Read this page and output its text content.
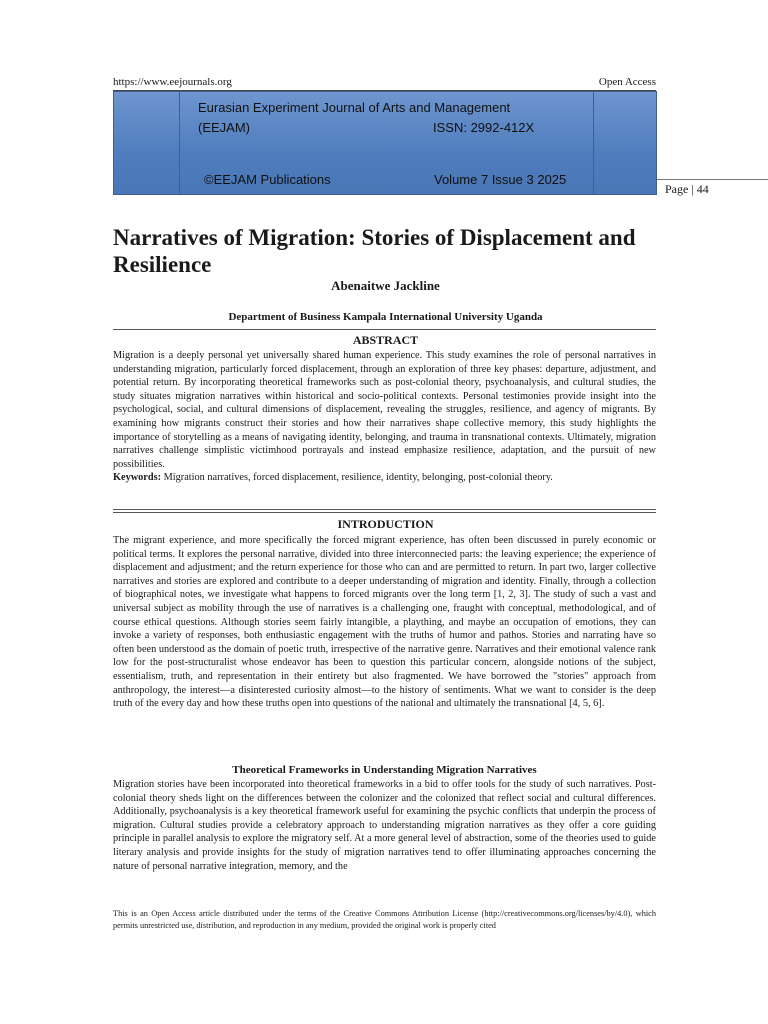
https://www.eejournals.org	Open Access
Eurasian Experiment Journal of Arts and Management
(EEJAM)	ISSN: 2992-412X
©EEJAM Publications	Volume 7 Issue 3 2025
Page | 44
Narratives of Migration: Stories of Displacement and Resilience
Abenaitwe Jackline
Department of Business Kampala International University Uganda
ABSTRACT
Migration is a deeply personal yet universally shared human experience. This study examines the role of personal narratives in understanding migration, particularly forced displacement, through an exploration of three key phases: departure, adjustment, and potential return. By incorporating theoretical frameworks such as post-colonial theory, psychoanalysis, and cultural studies, the study situates migration narratives within historical and socio-political contexts. Personal testimonies provide insight into the psychological, social, and cultural dimensions of displacement, revealing the struggles, resilience, and agency of migrants. By examining how migrants construct their stories and how their narratives shape collective memory, this study highlights the importance of storytelling as a means of navigating identity, belonging, and trauma in transnational contexts. Ultimately, migration narratives challenge simplistic victimhood portrayals and instead emphasize resilience, adaptation, and the pursuit of new possibilities.
Keywords: Migration narratives, forced displacement, resilience, identity, belonging, post-colonial theory.
INTRODUCTION
The migrant experience, and more specifically the forced migrant experience, has often been discussed in purely economic or political terms. It explores the personal narrative, divided into three interconnected parts: the leaving experience; the experience of displacement and adjustment; and the return experience for those who can and are permitted to return. In part two, larger collective narratives and stories are explored and contribute to a deeper understanding of migration and identity. Finally, through a collection of biographical notes, we investigate what happens to forced migrants over the long term [1, 2, 3]. The study of such a vast and universal subject as mobility through the use of narratives is a challenging one, fraught with conceptual, methodological, and of course ethical questions. Although stories seem fairly intangible, a plaything, and maybe an occupation of emotions, they can invoke a variety of responses, both enthusiastic engagement with the truths of humor and pathos. Stories and narrating have so often been understood as the domain of poetic truth, irrespective of the narrative genre. Narratives and their emotional valence rank low for the post-structuralist whose endeavor has been to question this particular concern, alongside notions of the subject, essentialism, truth, and representation in their entirety but also fragmented. We have borrowed the "stories" approach from anthropology, the interest—a disinterested curiosity almost—to the history of sentiments. What we want to consider is the deep truth of the every day and how these truths open into questions of the national and ultimately the transnational [4, 5, 6].
Theoretical Frameworks in Understanding Migration Narratives
Migration stories have been incorporated into theoretical frameworks in a bid to offer tools for the study of such narratives. Post-colonial theory sheds light on the differences between the colonizer and the colonized that reflect social and cultural differences. Additionally, psychoanalysis is a key theoretical framework useful for examining the psychic conflicts that underpin the process of migration. Cultural studies provide a celebratory approach to understanding migration narratives as they offer a core guiding principle in parallel analysis to explore the migratory self. At a more general level of abstraction, some of the theories used to guide literary analysis and provide insights for the study of migration narratives tend to offer illuminating approaches concerning the nature of personal narrative integration, memory, and the
This is an Open Access article distributed under the terms of the Creative Commons Attribution License (http://creativecommons.org/licenses/by/4.0), which permits unrestricted use, distribution, and reproduction in any medium, provided the original work is properly cited
